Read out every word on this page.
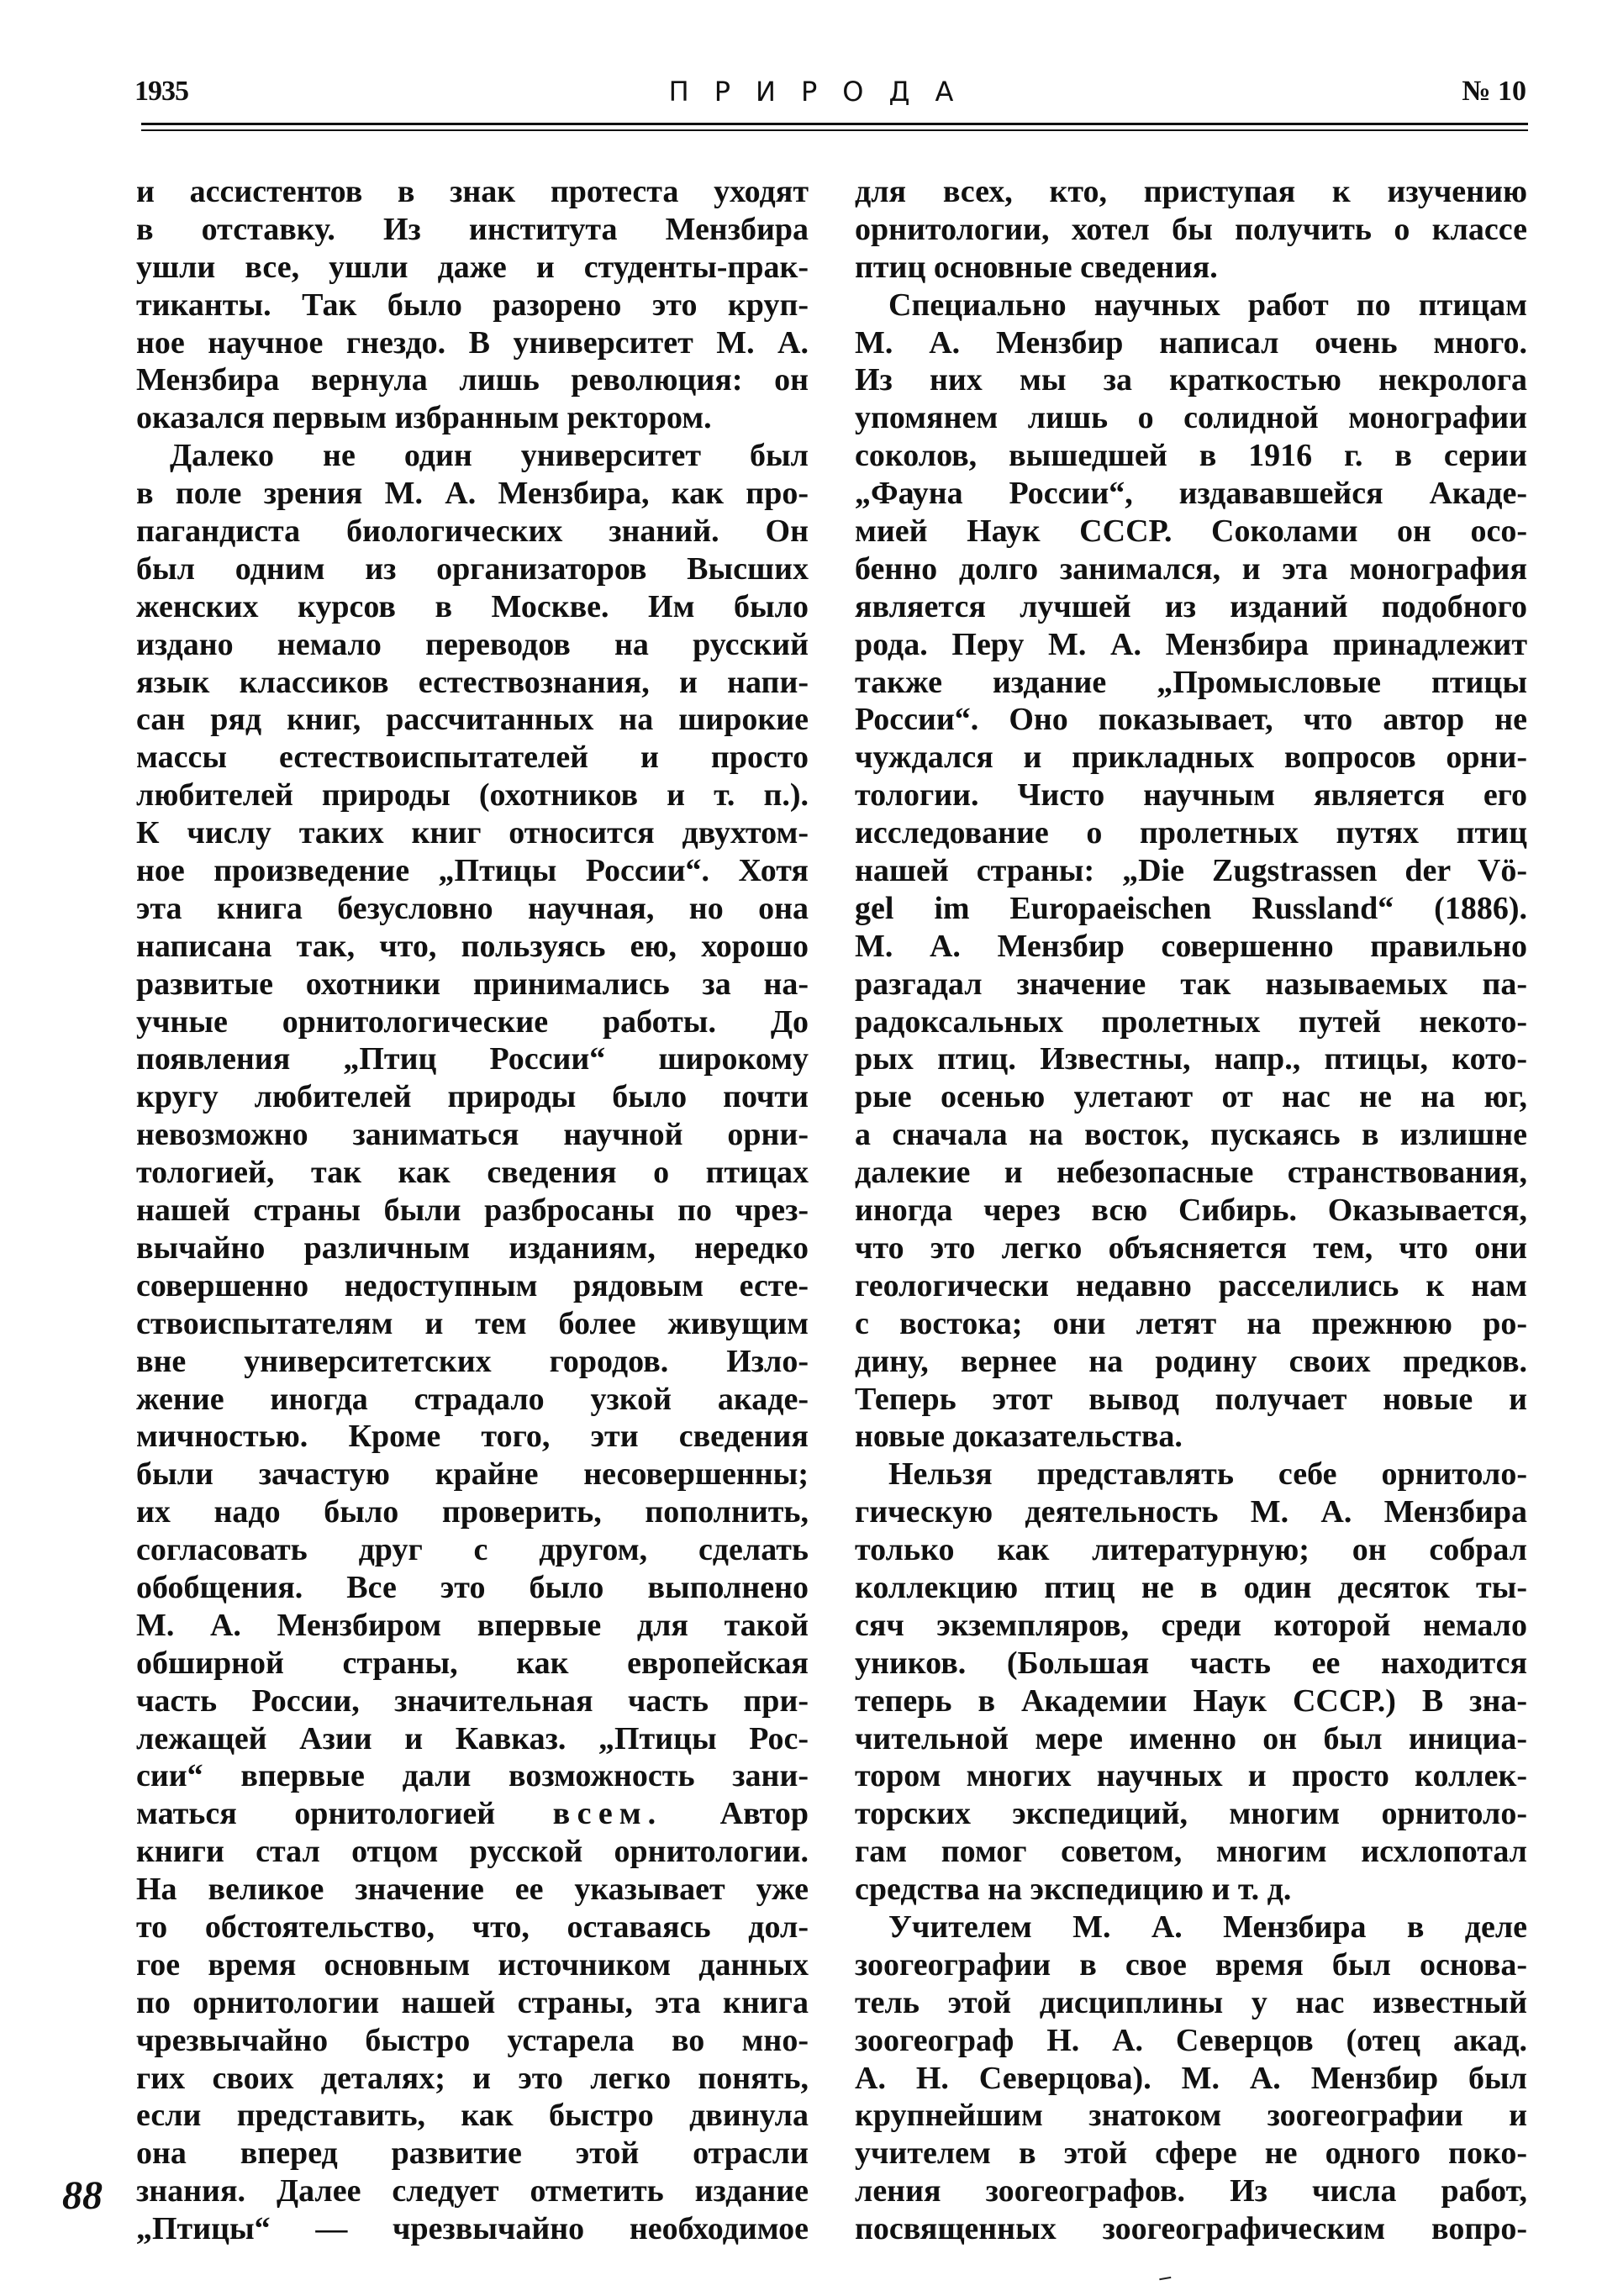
1935	ПРИРОДА	№ 10
и ассистентов в знак протеста уходят
в отставку. Из института Мензбира
ушли все, ушли даже и студенты-прак-
тиканты. Так было разорено это круп-
ное научное гнездо. В университет М. А.
Мензбира вернула лишь революция: он
оказался первым избранным ректором.
Далеко не один университет был
в поле зрения М. А. Мензбира, как про-
пагандиста биологических знаний. Он
был одним из организаторов Высших
женских курсов в Москве. Им было
издано немало переводов на русский
язык классиков естествознания, и напи-
сан ряд книг, рассчитанных на широкие
массы естествоиспытателей и просто
любителей природы (охотников и т. п.).
К числу таких книг относится двухтом-
ное произведение „Птицы России“. Хотя
эта книга безусловно научная, но она
написана так, что, пользуясь ею, хорошо
развитые охотники принимались за на-
учные орнитологические работы. До
появления „Птиц России“ широкому
кругу любителей природы было почти
невозможно заниматься научной орни-
тологией, так как сведения о птицах
нашей страны были разбросаны по чрез-
вычайно различным изданиям, нередко
совершенно недоступным рядовым есте-
ствоиспытателям и тем более живущим
вне университетских городов. Изло-
жение иногда страдало узкой акаде-
мичностью. Кроме того, эти сведения
были зачастую крайне несовершенны;
их надо было проверить, пополнить,
согласовать друг с другом, сделать
обобщения. Все это было выполнено
М. А. Мензбиром впервые для такой
обширной страны, как европейская
часть России, значительная часть при-
лежащей Азии и Кавказ. „Птицы Рос-
сии“ впервые дали возможность зани-
маться орнитологией всем. Автор
книги стал отцом русской орнитологии.
На великое значение ее указывает уже
то обстоятельство, что, оставаясь дол-
гое время основным источником данных
по орнитологии нашей страны, эта книга
чрезвычайно быстро устарела во мно-
гих своих деталях; и это легко понять,
если представить, как быстро двинула
она вперед развитие этой отрасли
знания. Далее следует отметить издание
„Птицы“ — чрезвычайно необходимое
для всех, кто, приступая к изучению
орнитологии, хотел бы получить о классе
птиц основные сведения.
Специально научных работ по птицам
М. А. Мензбир написал очень много.
Из них мы за краткостью некролога
упомянем лишь о солидной монографии
соколов, вышедшей в 1916 г. в серии
„Фауна России“, издававшейся Акаде-
мией Наук СССР. Соколами он осо-
бенно долго занимался, и эта монография
является лучшей из изданий подобного
рода. Перу М. А. Мензбира принадлежит
также издание „Промысловые птицы
России“. Оно показывает, что автор не
чуждался и прикладных вопросов орни-
тологии. Чисто научным является его
исследование о пролетных путях птиц
нашей страны: „Die Zugstrassen der Vö-
gel im Europaeischen Russland“ (1886).
М. А. Мензбир совершенно правильно
разгадал значение так называемых па-
радоксальных пролетных путей некото-
рых птиц. Известны, напр., птицы, кото-
рые осенью улетают от нас не на юг,
а сначала на восток, пускаясь в излишне
далекие и небезопасные странствования,
иногда через всю Сибирь. Оказывается,
что это легко объясняется тем, что они
геологически недавно расселились к нам
с востока; они летят на прежнюю ро-
дину, вернее на родину своих предков.
Теперь этот вывод получает новые и
новые доказательства.
Нельзя представлять себе орнитоло-
гическую деятельность М. А. Мензбира
только как литературную; он собрал
коллекцию птиц не в один десяток ты-
сяч экземпляров, среди которой немало
уников. (Большая часть ее находится
теперь в Академии Наук СССР.) В зна-
чительной мере именно он был инициа-
тором многих научных и просто коллек-
торских экспедиций, многим орнитоло-
гам помог советом, многим исхлопотал
средства на экспедицию и т. д.
Учителем М. А. Мензбира в деле
зоогеографии в свое время был основа-
тель этой дисциплины у нас известный
зоогеограф Н. А. Северцов (отец акад.
А. Н. Северцова). М. А. Мензбир был
крупнейшим знатоком зоогеографии и
учителем в этой сфере не одного поко-
ления зоогеографов. Из числа работ,
посвященных зоогеографическим вопро-
88
